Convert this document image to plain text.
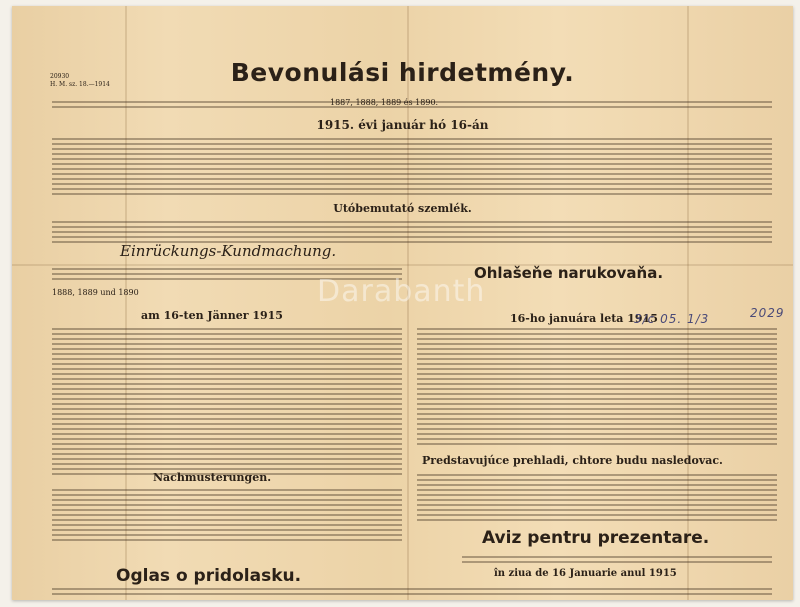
20930
H. M. sz. 18.—1914	Bevonulási hirdetmény.
1887, 1888, 1889 és 1890.
1915. évi január hó 16-án
Utóbemutató szemlék.
Einrückungs-Kundmachung.
Ohlašeňe narukovaňa.
1888, 1889 und 1890
am 16-ten Jänner 1915	16-ho januára leta 1915
3/c 05. 1/3	2029
Predstavujúce prehladi, chtore budu nasledovac.
Nachmusterungen.
Oglas o pridolasku.
Aviz pentru prezentare.
în ziua de 16 Januarie anul 1915
Darabanth
